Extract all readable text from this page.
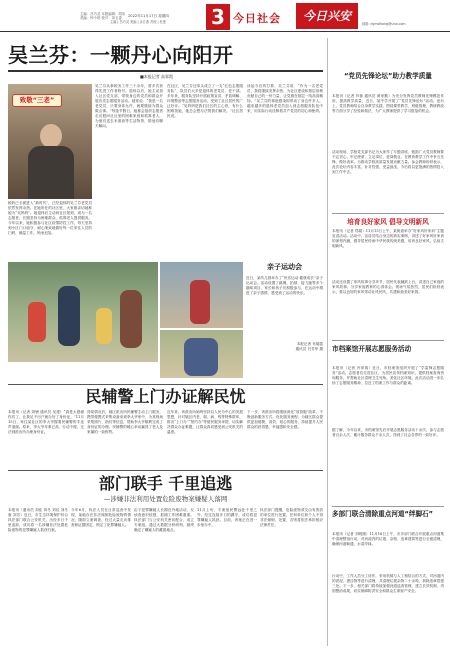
主编：吕巧灵 本版编辑：胡凤
美编：钟小婷 校对：刘玉香
2022年11月17日 星期四
主编 | 吕巧灵 美编 | 余江燕 责校 | 杜莲	3 今日社会	今日兴安
邮箱: dymsfkong@sina.com
吴兰芬：一颗丹心向阳开
■本报记者 高霏霞
致敬“三老”
税收已全面进入“新时代”，已经退休的吴兰芬老党员依然发挥余热。在她所在的社区里，大家都亲切地称她为“吴妈妈”。她退休后主动到社区报到，成为一名志愿者，长期坚持为困难群众、孤寡老人提供服务。今年以来，她积极参与社区疫情防控工作，每天坚持到小区门口值守，耐心细致地做好每一位来往人员的扫码、测温工作，风雨无阻。
吴兰芬从事税务工作三十余年，曾多次获得先进工作者称号。退休以后，她主动加入社区党支部，带领身边的党员和群众开展各类志愿服务活动。她常说：“我是一名老党员，只要身体允许，就要继续为群众做点事。”每逢节假日，她都会组织志愿者走访慰问社区里的困难家庭和孤寡老人，为他们送去米面油等生活物资，陪他们聊天解闷。
在社区，吴兰芬还牵头成立了一支“红色志愿服务队”，队员们大多是退休的老党员、老干部。多年来，服务队坚持开展政策宣讲、矛盾调解、环境整治等志愿服务活动，受到了社区居民的广泛好评。“吴妈妈是我们社区的主心骨，有什么困难找她，她总会想办法帮我们解决。”社区居民说。
谈起今后的打算，吴兰芬说：“作为一名老党员，我将继续发挥余热，为社区建设和基层治理贡献自己的一份力量，让党旗在基层一线高高飘扬。”吴兰芬的事迹感染和带动了身边许多人，越来越多的退休老党员加入到志愿服务队伍中来，用实际行动诠释着共产党员的初心和使命。
亲子运动会
近日，某幼儿园举办了“快乐运动 健康成长”亲子运动会。活动设置了跳绳、拍球、接力跑等多个趣味项目，家长和孩子们积极参与，在运动中增进了亲子感情，感受到了运动的快乐。
本报记者 乔瑞霞
通讯员 吕芳华 摄
民辅警上门办证解民忧
本报讯（记者 刘铺 通讯员 吴建）“真是太感谢你们了，让我足不出户就办好了身份证。”11月15日，家住某社区的李大爷握着民辅警的手连声道谢。原来，李大爷年事已高、行动不便，无法到派出所办理身份证。
得知情况后，辖区派出所民辅警主动上门服务，携带便携式采集设备来到李大爷家中，为其现场采集照片、指纹等信息，帮助李大爷顺利完成了身份证的办理。民辅警的暖心举动赢得了老人及家属的一致称赞。
近年来，该派出所始终坚持以人民为中心的发展思想，针对辖区内老、弱、病、残等特殊群体，推出“上门办”“预约办”等便民服务举措，切实解决群众办证难题，让群众真切感受到公安机关的温度。
下一步，该派出所将继续深化“放管服”改革，不断创新服务方式，优化服务流程，为辖区群众提供更加便捷、高效、贴心的服务，持续提升人民群众的获得感、幸福感和安全感。
部门联手 千里追逃
—涉嫌非法利用处置危险废物案嫌疑人落网
本报讯（通讯员 刘佳 刘冬 刘佳 刘冬 唐 刘芳）近日，市生态环境保护综合执法部门联合公安机关，历经多日千里追踪，成功将一名涉嫌非法处置危险废物的犯罪嫌疑人抓获归案。
今年6月，执法人员在日常巡查中发现，某地存在非法倾倒危险废物的情况，随即立案调查。经过大量走访排查和证据固定，锁定了犯罪嫌疑人。
由于犯罪嫌疑人长期在外地活动，反侦查意识较强，抓捕工作困难重重。执法部门与公安机关密切配合，成立专案组，通过大数据分析研判，最终确定了嫌疑人的藏匿地点。
11月上旬，专案组民警远赴千里之外，经过连续多日的蹲守，成功将犯罪嫌疑人抓获。目前，该案正在进一步侦办中。
执法部门提醒，危险废物须交由有资质的单位进行处置，任何单位和个人不得非法倾倒、处置，否则将依法承担相应法律责任。
“党员先锋论坛”助力教学质量
本报讯（记者 肖蓉 通讯员 黄家勤）为充分发挥党员教师先锋模范作用，提高教学质量，近日，某中学开展了“党员先锋论坛”活动。论坛上，党员教师结合自身教学实践，围绕课堂教学、班级管理、教研教改等方面分享了经验和做法，为广大教师提供了学习借鉴的机会。
活动现场，学校党支部书记为大家作了专题讲座，勉励广大党员教师要不忘初心、牢记使命，立足岗位、爱岗敬业，在教育教学工作中争当先锋、做好表率，为推动学校高质量发展贡献力量。参会教师纷纷表示，此次论坛内容丰富、针对性强，受益匪浅，今后将以更饱满的热情投入到工作中去。
培育良好家风 倡导文明新风
本报讯（记者 郑娟）11月15日上午，某街道举办“好家风好家训”主题宣讲活动。活动中，宣讲员结合身边的真实事例，讲述了好家风好家训的深刻内涵，倡导居民传承中华民族传统美德，培育良好家风，弘扬文明新风。
活动还设置了家风故事分享环节，居民代表踊跃上台，讲述自己家庭的家风故事，分享家庭教育的心得体会。现场气氛热烈，居民们纷纷表示，要以良好的家风带动社风民风，共建和谐美好家园。
市档案馆开展志愿服务活动
本报讯（记者 冷萍瑞）近日，市档案馆组织开展了“学雷锋志愿服务”活动。志愿者们走进社区，为居民宣传档案知识，提供档案查询咨询服务，并帮助社区清理卫生死角，美化社区环境。此次活动进一步弘扬了志愿服务精神，拉近了档案工作与群众的距离。
据了解，今年以来，市档案馆先后开展志愿服务活动十余次，参与志愿者百余人次，累计服务群众千余人次，得到了社会各界的一致好评。
多部门联合清除重点河道“绊脚石”
本报讯（记者 刘明刚）11月16日上午，市多部门联合开展重点河道集中清理整治行动，对河道内的垃圾、杂物、违章建筑等进行全面清理，确保河道畅通、水清岸绿。
行动中，工作人员分工协作，采用机械与人工相结合的方式，对河道内的淤泥、漂浮物等进行清理，共清理垃圾杂物二十余吨，拆除违章搭建三处。下一步，相关部门将持续加强河道巡查管理，建立长效机制，巩固整治成果，切实保障防洪安全和群众生命财产安全。
